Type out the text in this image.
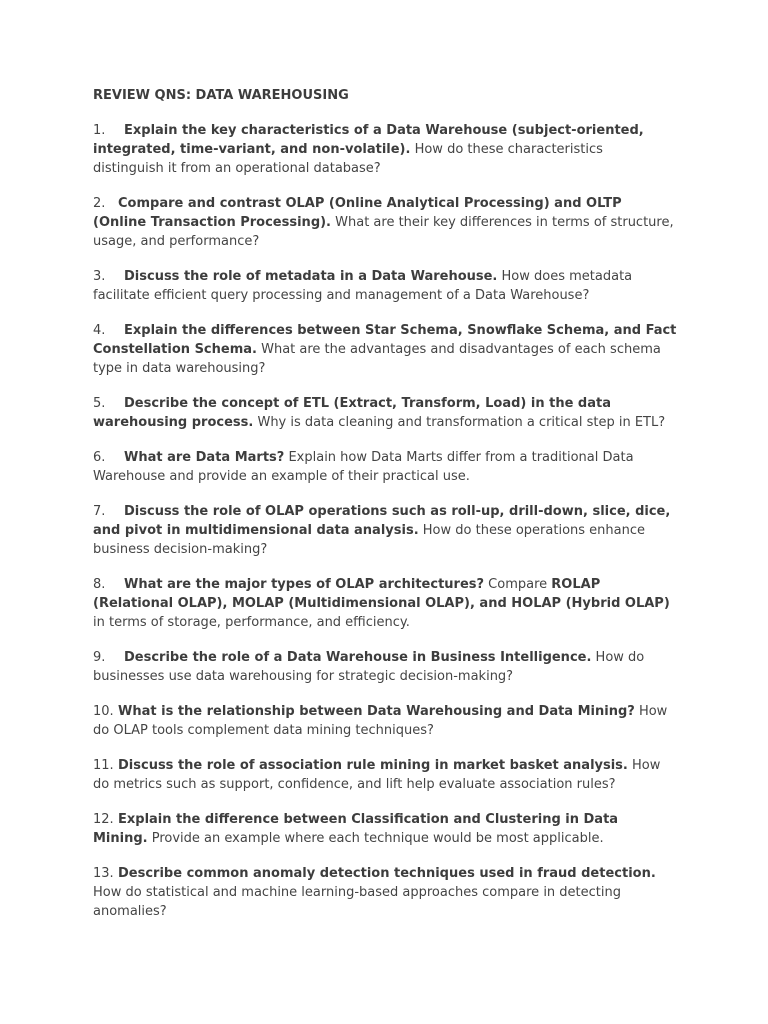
REVIEW QNS: DATA WAREHOUSING
1. Explain the key characteristics of a Data Warehouse (subject-oriented, integrated, time-variant, and non-volatile). How do these characteristics distinguish it from an operational database?
2. Compare and contrast OLAP (Online Analytical Processing) and OLTP (Online Transaction Processing). What are their key differences in terms of structure, usage, and performance?
3. Discuss the role of metadata in a Data Warehouse. How does metadata facilitate efficient query processing and management of a Data Warehouse?
4. Explain the differences between Star Schema, Snowflake Schema, and Fact Constellation Schema. What are the advantages and disadvantages of each schema type in data warehousing?
5. Describe the concept of ETL (Extract, Transform, Load) in the data warehousing process. Why is data cleaning and transformation a critical step in ETL?
6. What are Data Marts? Explain how Data Marts differ from a traditional Data Warehouse and provide an example of their practical use.
7. Discuss the role of OLAP operations such as roll-up, drill-down, slice, dice, and pivot in multidimensional data analysis. How do these operations enhance business decision-making?
8. What are the major types of OLAP architectures? Compare ROLAP (Relational OLAP), MOLAP (Multidimensional OLAP), and HOLAP (Hybrid OLAP) in terms of storage, performance, and efficiency.
9. Describe the role of a Data Warehouse in Business Intelligence. How do businesses use data warehousing for strategic decision-making?
10. What is the relationship between Data Warehousing and Data Mining? How do OLAP tools complement data mining techniques?
11. Discuss the role of association rule mining in market basket analysis. How do metrics such as support, confidence, and lift help evaluate association rules?
12. Explain the difference between Classification and Clustering in Data Mining. Provide an example where each technique would be most applicable.
13. Describe common anomaly detection techniques used in fraud detection. How do statistical and machine learning-based approaches compare in detecting anomalies?
